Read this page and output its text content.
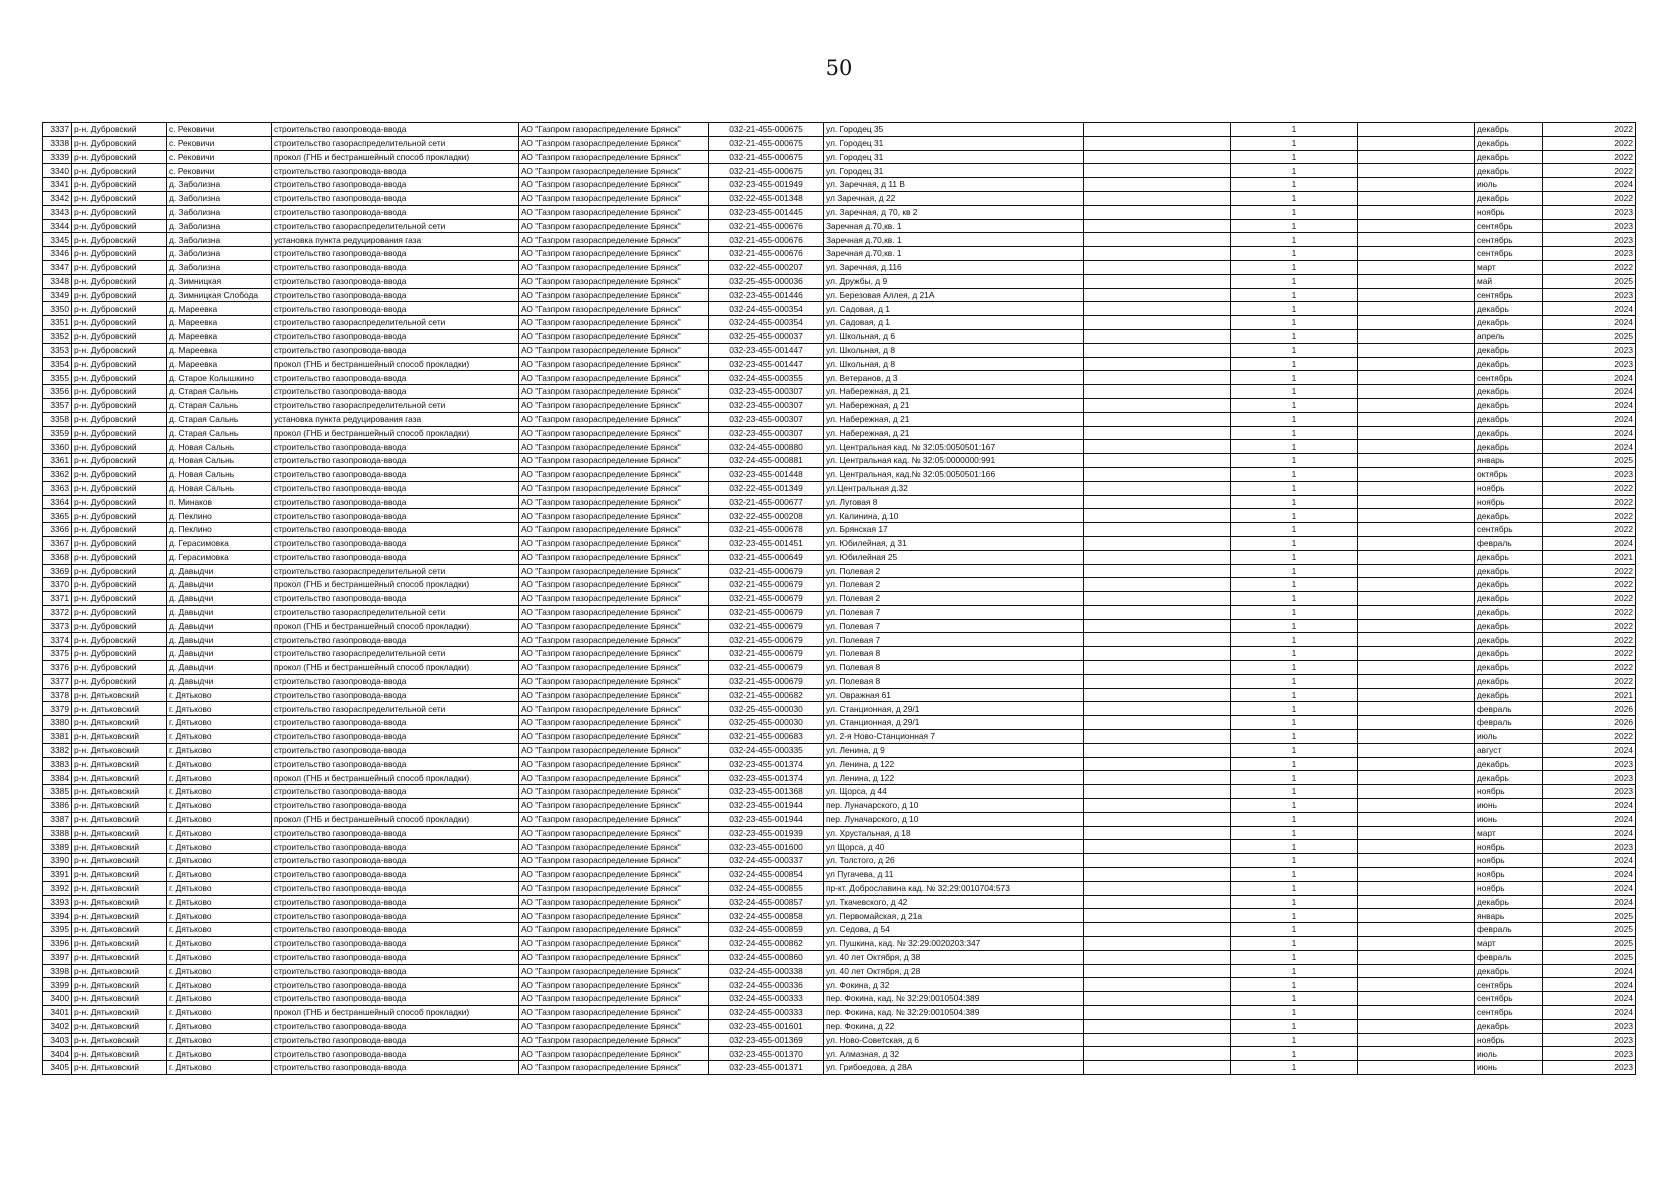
50
3337	р-н. Дубровский	с. Рековичи	строительство газопровода-ввода	АО "Газпром газораспределение Брянск"	032-21-455-000675	ул. Городец 35		1		декабрь	2022
3338	р-н. Дубровский	с. Рековичи	строительство газораспределительной сети	АО "Газпром газораспределение Брянск"	032-21-455-000675	ул. Городец 31		1		декабрь	2022
3339	р-н. Дубровский	с. Рековичи	прокол (ГНБ и бестраншейный способ прокладки)	АО "Газпром газораспределение Брянск"	032-21-455-000675	ул. Городец 31		1		декабрь	2022
3340	р-н. Дубровский	с. Рековичи	строительство газопровода-ввода	АО "Газпром газораспределение Брянск"	032-21-455-000675	ул. Городец 31		1		декабрь	2022
3341	р-н. Дубровский	д. Заболизна	строительство газопровода-ввода	АО "Газпром газораспределение Брянск"	032-23-455-001949	ул. Заречная, д 11 В		1		июль	2024
3342	р-н. Дубровский	д. Заболизна	строительство газопровода-ввода	АО "Газпром газораспределение Брянск"	032-22-455-001348	ул Заречная, д 22		1		декабрь	2022
3343	р-н. Дубровский	д. Заболизна	строительство газопровода-ввода	АО "Газпром газораспределение Брянск"	032-23-455-001445	ул. Заречная, д 70, кв 2		1		ноябрь	2023
3344	р-н. Дубровский	д. Заболизна	строительство газораспределительной сети	АО "Газпром газораспределение Брянск"	032-21-455-000676	Заречная д.70,кв. 1		1		сентябрь	2023
3345	р-н. Дубровский	д. Заболизна	установка пункта редуцирования газа	АО "Газпром газораспределение Брянск"	032-21-455-000676	Заречная д.70,кв. 1		1		сентябрь	2023
3346	р-н. Дубровский	д. Заболизна	строительство газопровода-ввода	АО "Газпром газораспределение Брянск"	032-21-455-000676	Заречная д.70,кв. 1		1		сентябрь	2023
3347	р-н. Дубровский	д. Заболизна	строительство газопровода-ввода	АО "Газпром газораспределение Брянск"	032-22-455-000207	ул. Заречная, д.116		1		март	2022
3348	р-н. Дубровский	д. Зимницкая	строительство газопровода-ввода	АО "Газпром газораспределение Брянск"	032-25-455-000036	ул. Дружбы, д 9		1		май	2025
3349	р-н. Дубровский	д. Зимницкая Слобода	строительство газопровода-ввода	АО "Газпром газораспределение Брянск"	032-23-455-001446	ул. Березовая Аллея, д 21А		1		сентябрь	2023
3350	р-н. Дубровский	д. Мареевка	строительство газопровода-ввода	АО "Газпром газораспределение Брянск"	032-24-455-000354	ул. Садовая, д 1		1		декабрь	2024
3351	р-н. Дубровский	д. Мареевка	строительство газораспределительной сети	АО "Газпром газораспределение Брянск"	032-24-455-000354	ул. Садовая, д 1		1		декабрь	2024
3352	р-н. Дубровский	д. Мареевка	строительство газопровода-ввода	АО "Газпром газораспределение Брянск"	032-25-455-000037	ул. Школьная, д 6		1		апрель	2025
3353	р-н. Дубровский	д. Мареевка	строительство газопровода-ввода	АО "Газпром газораспределение Брянск"	032-23-455-001447	ул. Школьная, д 8		1		декабрь	2023
3354	р-н. Дубровский	д. Мареевка	прокол (ГНБ и бестраншейный способ прокладки)	АО "Газпром газораспределение Брянск"	032-23-455-001447	ул. Школьная, д 8		1		декабрь	2023
3355	р-н. Дубровский	д. Старое Колышкино	строительство газопровода-ввода	АО "Газпром газораспределение Брянск"	032-24-455-000355	ул. Ветеранов, д 3		1		сентябрь	2024
3356	р-н. Дубровский	д. Старая Сальнь	строительство газопровода-ввода	АО "Газпром газораспределение Брянск"	032-23-455-000307	ул. Набережная, д 21		1		декабрь	2024
3357	р-н. Дубровский	д. Старая Сальнь	строительство газораспределительной сети	АО "Газпром газораспределение Брянск"	032-23-455-000307	ул. Набережная, д 21		1		декабрь	2024
3358	р-н. Дубровский	д. Старая Сальнь	установка пункта редуцирования газа	АО "Газпром газораспределение Брянск"	032-23-455-000307	ул. Набережная, д 21		1		декабрь	2024
3359	р-н. Дубровский	д. Старая Сальнь	прокол (ГНБ и бестраншейный способ прокладки)	АО "Газпром газораспределение Брянск"	032-23-455-000307	ул. Набережная, д 21		1		декабрь	2024
3360	р-н. Дубровский	д. Новая Сальнь	строительство газопровода-ввода	АО "Газпром газораспределение Брянск"	032-24-455-000880	ул. Центральная кад. № 32:05:0050501:167		1		декабрь	2024
3361	р-н. Дубровский	д. Новая Сальнь	строительство газопровода-ввода	АО "Газпром газораспределение Брянск"	032-24-455-000881	ул. Центральная кад. № 32:05:0000000:991		1		январь	2025
3362	р-н. Дубровский	д. Новая Сальнь	строительство газопровода-ввода	АО "Газпром газораспределение Брянск"	032-23-455-001448	ул. Центральная, кад.№ 32:05:0050501:166		1		октябрь	2023
3363	р-н. Дубровский	д. Новая Сальнь	строительство газопровода-ввода	АО "Газпром газораспределение Брянск"	032-22-455-001349	ул.Центральная д.32		1		ноябрь	2022
3364	р-н. Дубровский	п. Минаков	строительство газопровода-ввода	АО "Газпром газораспределение Брянск"	032-21-455-000677	ул. Луговая 8		1		ноябрь	2022
3365	р-н. Дубровский	д. Пеклино	строительство газопровода-ввода	АО "Газпром газораспределение Брянск"	032-22-455-000208	ул. Калинина, д.10		1		декабрь	2022
3366	р-н. Дубровский	д. Пеклино	строительство газопровода-ввода	АО "Газпром газораспределение Брянск"	032-21-455-000678	ул. Брянская 17		1		сентябрь	2022
3367	р-н. Дубровский	д. Герасимовка	строительство газопровода-ввода	АО "Газпром газораспределение Брянск"	032-23-455-001451	ул. Юбилейная, д 31		1		февраль	2024
3368	р-н. Дубровский	д. Герасимовка	строительство газопровода-ввода	АО "Газпром газораспределение Брянск"	032-21-455-000649	ул. Юбилейная 25		1		декабрь	2021
3369	р-н. Дубровский	д. Давыдчи	строительство газораспределительной сети	АО "Газпром газораспределение Брянск"	032-21-455-000679	ул. Полевая 2		1		декабрь	2022
3370	р-н. Дубровский	д. Давыдчи	прокол (ГНБ и бестраншейный способ прокладки)	АО "Газпром газораспределение Брянск"	032-21-455-000679	ул. Полевая 2		1		декабрь	2022
3371	р-н. Дубровский	д. Давыдчи	строительство газопровода-ввода	АО "Газпром газораспределение Брянск"	032-21-455-000679	ул. Полевая 2		1		декабрь	2022
3372	р-н. Дубровский	д. Давыдчи	строительство газораспределительной сети	АО "Газпром газораспределение Брянск"	032-21-455-000679	ул. Полевая 7		1		декабрь	2022
3373	р-н. Дубровский	д. Давыдчи	прокол (ГНБ и бестраншейный способ прокладки)	АО "Газпром газораспределение Брянск"	032-21-455-000679	ул. Полевая 7		1		декабрь	2022
3374	р-н. Дубровский	д. Давыдчи	строительство газопровода-ввода	АО "Газпром газораспределение Брянск"	032-21-455-000679	ул. Полевая 7		1		декабрь	2022
3375	р-н. Дубровский	д. Давыдчи	строительство газораспределительной сети	АО "Газпром газораспределение Брянск"	032-21-455-000679	ул. Полевая 8		1		декабрь	2022
3376	р-н. Дубровский	д. Давыдчи	прокол (ГНБ и бестраншейный способ прокладки)	АО "Газпром газораспределение Брянск"	032-21-455-000679	ул. Полевая 8		1		декабрь	2022
3377	р-н. Дубровский	д. Давыдчи	строительство газопровода-ввода	АО "Газпром газораспределение Брянск"	032-21-455-000679	ул. Полевая 8		1		декабрь	2022
3378	р-н. Дятьковский	г. Дятьково	строительство газопровода-ввода	АО "Газпром газораспределение Брянск"	032-21-455-000682	ул. Овражная 61		1		декабрь	2021
3379	р-н. Дятьковский	г. Дятьково	строительство газораспределительной сети	АО "Газпром газораспределение Брянск"	032-25-455-000030	ул. Станционная, д 29/1		1		февраль	2026
3380	р-н. Дятьковский	г. Дятьково	строительство газопровода-ввода	АО "Газпром газораспределение Брянск"	032-25-455-000030	ул. Станционная, д 29/1		1		февраль	2026
3381	р-н. Дятьковский	г. Дятьково	строительство газопровода-ввода	АО "Газпром газораспределение Брянск"	032-21-455-000683	ул. 2-я Ново-Станционная 7		1		июль	2022
3382	р-н. Дятьковский	г. Дятьково	строительство газопровода-ввода	АО "Газпром газораспределение Брянск"	032-24-455-000335	ул. Ленина, д 9		1		август	2024
3383	р-н. Дятьковский	г. Дятьково	строительство газопровода-ввода	АО "Газпром газораспределение Брянск"	032-23-455-001374	ул. Ленина, д 122		1		декабрь	2023
3384	р-н. Дятьковский	г. Дятьково	прокол (ГНБ и бестраншейный способ прокладки)	АО "Газпром газораспределение Брянск"	032-23-455-001374	ул. Ленина, д 122		1		декабрь	2023
3385	р-н. Дятьковский	г. Дятьково	строительство газопровода-ввода	АО "Газпром газораспределение Брянск"	032-23-455-001368	ул. Щорса, д 44		1		ноябрь	2023
3386	р-н. Дятьковский	г. Дятьково	строительство газопровода-ввода	АО "Газпром газораспределение Брянск"	032-23-455-001944	пер. Луначарского, д 10		1		июнь	2024
3387	р-н. Дятьковский	г. Дятьково	прокол (ГНБ и бестраншейный способ прокладки)	АО "Газпром газораспределение Брянск"	032-23-455-001944	пер. Луначарского, д 10		1		июнь	2024
3388	р-н. Дятьковский	г. Дятьково	строительство газопровода-ввода	АО "Газпром газораспределение Брянск"	032-23-455-001939	ул. Хрустальная, д 18		1		март	2024
3389	р-н. Дятьковский	г. Дятьково	строительство газопровода-ввода	АО "Газпром газораспределение Брянск"	032-23-455-001600	ул Щорса, д 40		1		ноябрь	2023
3390	р-н. Дятьковский	г. Дятьково	строительство газопровода-ввода	АО "Газпром газораспределение Брянск"	032-24-455-000337	ул. Толстого, д 26		1		ноябрь	2024
3391	р-н. Дятьковский	г. Дятьково	строительство газопровода-ввода	АО "Газпром газораспределение Брянск"	032-24-455-000854	ул Пугачева, д 11		1		ноябрь	2024
3392	р-н. Дятьковский	г. Дятьково	строительство газопровода-ввода	АО "Газпром газораспределение Брянск"	032-24-455-000855	пр-кт. Доброславина кад. № 32:29:0010704:573		1		ноябрь	2024
3393	р-н. Дятьковский	г. Дятьково	строительство газопровода-ввода	АО "Газпром газораспределение Брянск"	032-24-455-000857	ул. Ткачевского, д 42		1		декабрь	2024
3394	р-н. Дятьковский	г. Дятьково	строительство газопровода-ввода	АО "Газпром газораспределение Брянск"	032-24-455-000858	ул. Первомайская, д 21а		1		январь	2025
3395	р-н. Дятьковский	г. Дятьково	строительство газопровода-ввода	АО "Газпром газораспределение Брянск"	032-24-455-000859	ул. Седова, д 54		1		февраль	2025
3396	р-н. Дятьковский	г. Дятьково	строительство газопровода-ввода	АО "Газпром газораспределение Брянск"	032-24-455-000862	ул. Пушкина, кад. № 32:29:0020203:347		1		март	2025
3397	р-н. Дятьковский	г. Дятьково	строительство газопровода-ввода	АО "Газпром газораспределение Брянск"	032-24-455-000860	ул. 40 лет Октября, д 38		1		февраль	2025
3398	р-н. Дятьковский	г. Дятьково	строительство газопровода-ввода	АО "Газпром газораспределение Брянск"	032-24-455-000338	ул. 40 лет Октября, д 28		1		декабрь	2024
3399	р-н. Дятьковский	г. Дятьково	строительство газопровода-ввода	АО "Газпром газораспределение Брянск"	032-24-455-000336	ул. Фокина, д 32		1		сентябрь	2024
3400	р-н. Дятьковский	г. Дятьково	строительство газопровода-ввода	АО "Газпром газораспределение Брянск"	032-24-455-000333	пер. Фокина, кад. № 32:29:0010504:389		1		сентябрь	2024
3401	р-н. Дятьковский	г. Дятьково	прокол (ГНБ и бестраншейный способ прокладки)	АО "Газпром газораспределение Брянск"	032-24-455-000333	пер. Фокина, кад. № 32:29:0010504:389		1		сентябрь	2024
3402	р-н. Дятьковский	г. Дятьково	строительство газопровода-ввода	АО "Газпром газораспределение Брянск"	032-23-455-001601	пер. Фокина, д 22		1		декабрь	2023
3403	р-н. Дятьковский	г. Дятьково	строительство газопровода-ввода	АО "Газпром газораспределение Брянск"	032-23-455-001369	ул. Ново-Советская, д 6		1		ноябрь	2023
3404	р-н. Дятьковский	г. Дятьково	строительство газопровода-ввода	АО "Газпром газораспределение Брянск"	032-23-455-001370	ул. Алмазная, д 32		1		июль	2023
3405	р-н. Дятьковский	г. Дятьково	строительство газопровода-ввода	АО "Газпром газораспределение Брянск"	032-23-455-001371	ул. Грибоедова, д 28А		1		июнь	2023
